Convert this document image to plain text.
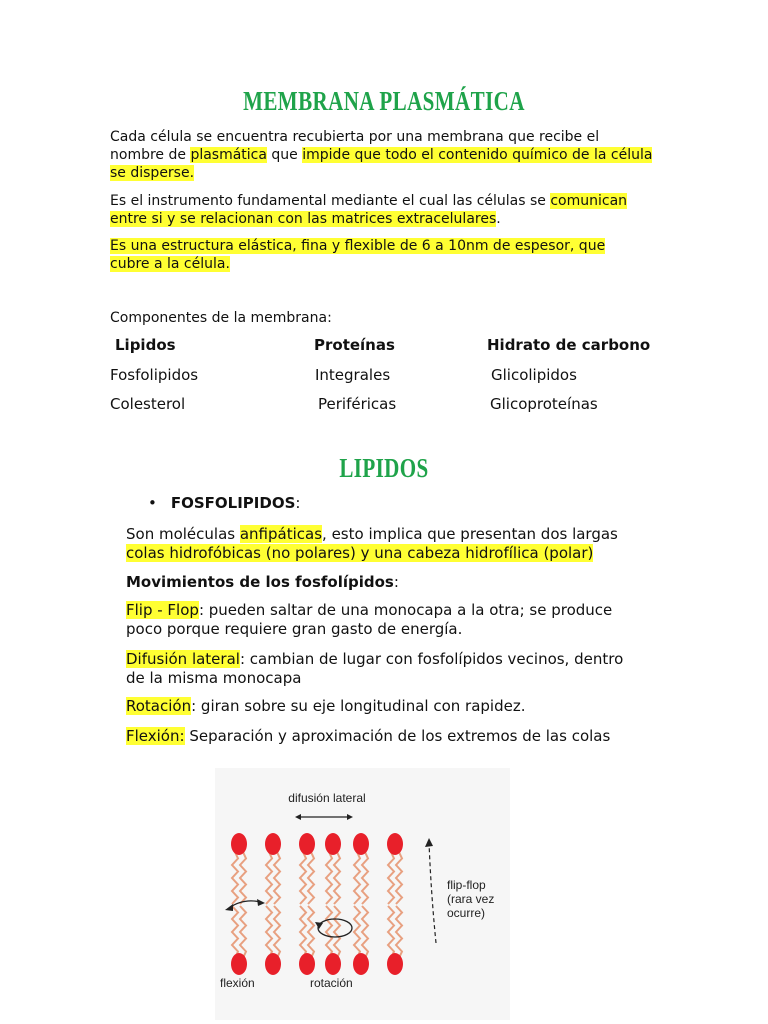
MEMBRANA PLASMÁTICA
Cada célula se encuentra recubierta por una membrana que recibe el
nombre de plasmática que impide que todo el contenido químico de la célula
se disperse.
Es el instrumento fundamental mediante el cual las células se comunican
entre si y se relacionan con las matrices extracelulares.
Es una estructura elástica, fina y flexible de 6 a 10nm de espesor, que
cubre a la célula.
Componentes de la membrana:
Lipidos	Proteínas	Hidrato de carbono
Fosfolipidos	Integrales	Glicolipidos
Colesterol	Periféricas	Glicoproteínas
LIPIDOS
• FOSFOLIPIDOS:
Son moléculas anfipáticas, esto implica que presentan dos largas
colas hidrofóbicas (no polares) y una cabeza hidrofílica (polar)
Movimientos de los fosfolípidos:
Flip - Flop: pueden saltar de una monocapa a la otra; se produce
poco porque requiere gran gasto de energía.
Difusión lateral: cambian de lugar con fosfolípidos vecinos, dentro
de la misma monocapa
Rotación: giran sobre su eje longitudinal con rapidez.
Flexión: Separación y aproximación de los extremos de las colas
difusión lateral
flip-flop
(rara vez
ocurre)
flexión	rotación
